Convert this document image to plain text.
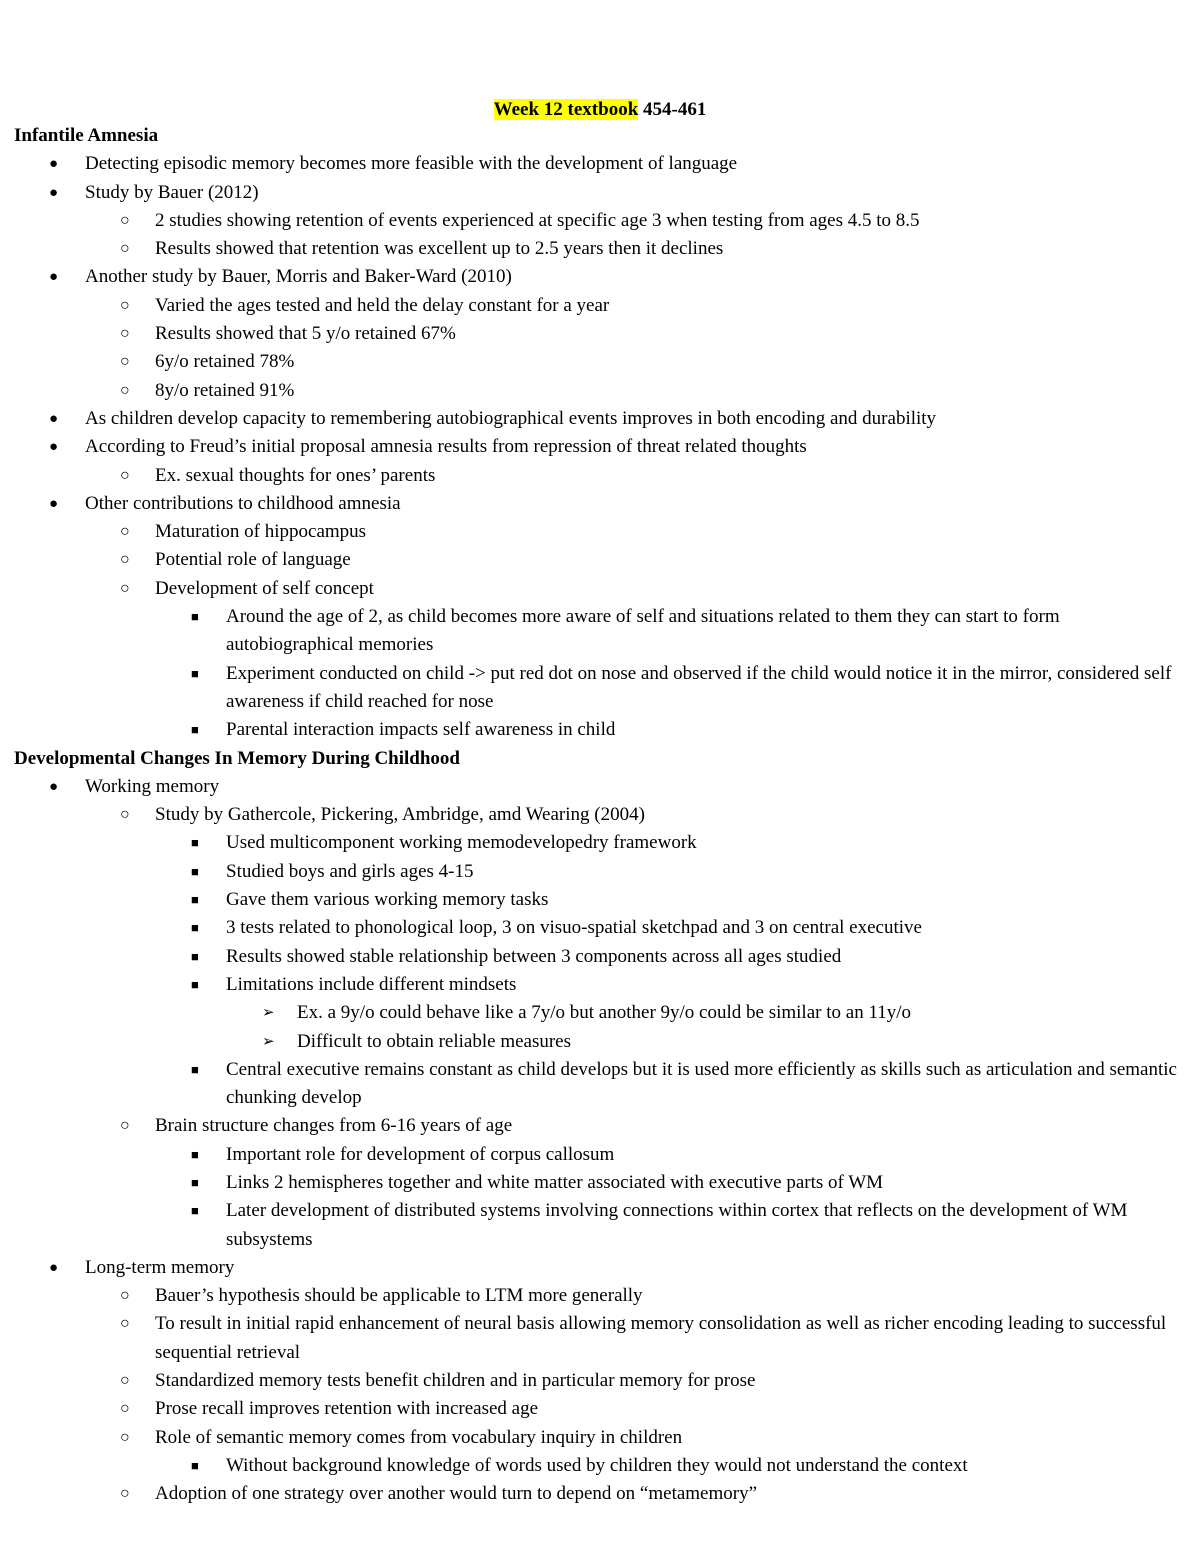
Week 12 textbook 454-461
Infantile Amnesia
● Detecting episodic memory becomes more feasible with the development of language
● Study by Bauer (2012)
○ 2 studies showing retention of events experienced at specific age 3 when testing from ages 4.5 to 8.5
○ Results showed that retention was excellent up to 2.5 years then it declines
● Another study by Bauer, Morris and Baker-Ward (2010)
○ Varied the ages tested and held the delay constant for a year
○ Results showed that 5 y/o retained 67%
○ 6y/o retained 78%
○ 8y/o retained 91%
● As children develop capacity to remembering autobiographical events improves in both encoding and durability
● According to Freud’s initial proposal amnesia results from repression of threat related thoughts
○ Ex. sexual thoughts for ones’ parents
● Other contributions to childhood amnesia
○ Maturation of hippocampus
○ Potential role of language
○ Development of self concept
■ Around the age of 2, as child becomes more aware of self and situations related to them they can start to form autobiographical memories
■ Experiment conducted on child -> put red dot on nose and observed if the child would notice it in the mirror, considered self awareness if child reached for nose
■ Parental interaction impacts self awareness in child
Developmental Changes In Memory During Childhood
● Working memory
○ Study by Gathercole, Pickering, Ambridge, amd Wearing (2004)
■ Used multicomponent working memodevelopedry framework
■ Studied boys and girls ages 4-15
■ Gave them various working memory tasks
■ 3 tests related to phonological loop, 3 on visuo-spatial sketchpad and 3 on central executive
■ Results showed stable relationship between 3 components across all ages studied
■ Limitations include different mindsets
➢ Ex. a 9y/o could behave like a 7y/o but another 9y/o could be similar to an 11y/o
➢ Difficult to obtain reliable measures
■ Central executive remains constant as child develops but it is used more efficiently as skills such as articulation and semantic chunking develop
○ Brain structure changes from 6-16 years of age
■ Important role for development of corpus callosum
■ Links 2 hemispheres together and white matter associated with executive parts of WM
■ Later development of distributed systems involving connections within cortex that reflects on the development of WM subsystems
● Long-term memory
○ Bauer’s hypothesis should be applicable to LTM more generally
○ To result in initial rapid enhancement of neural basis allowing memory consolidation as well as richer encoding leading to successful sequential retrieval
○ Standardized memory tests benefit children and in particular memory for prose
○ Prose recall improves retention with increased age
○ Role of semantic memory comes from vocabulary inquiry in children
■ Without background knowledge of words used by children they would not understand the context
○ Adoption of one strategy over another would turn to depend on “metamemory”
